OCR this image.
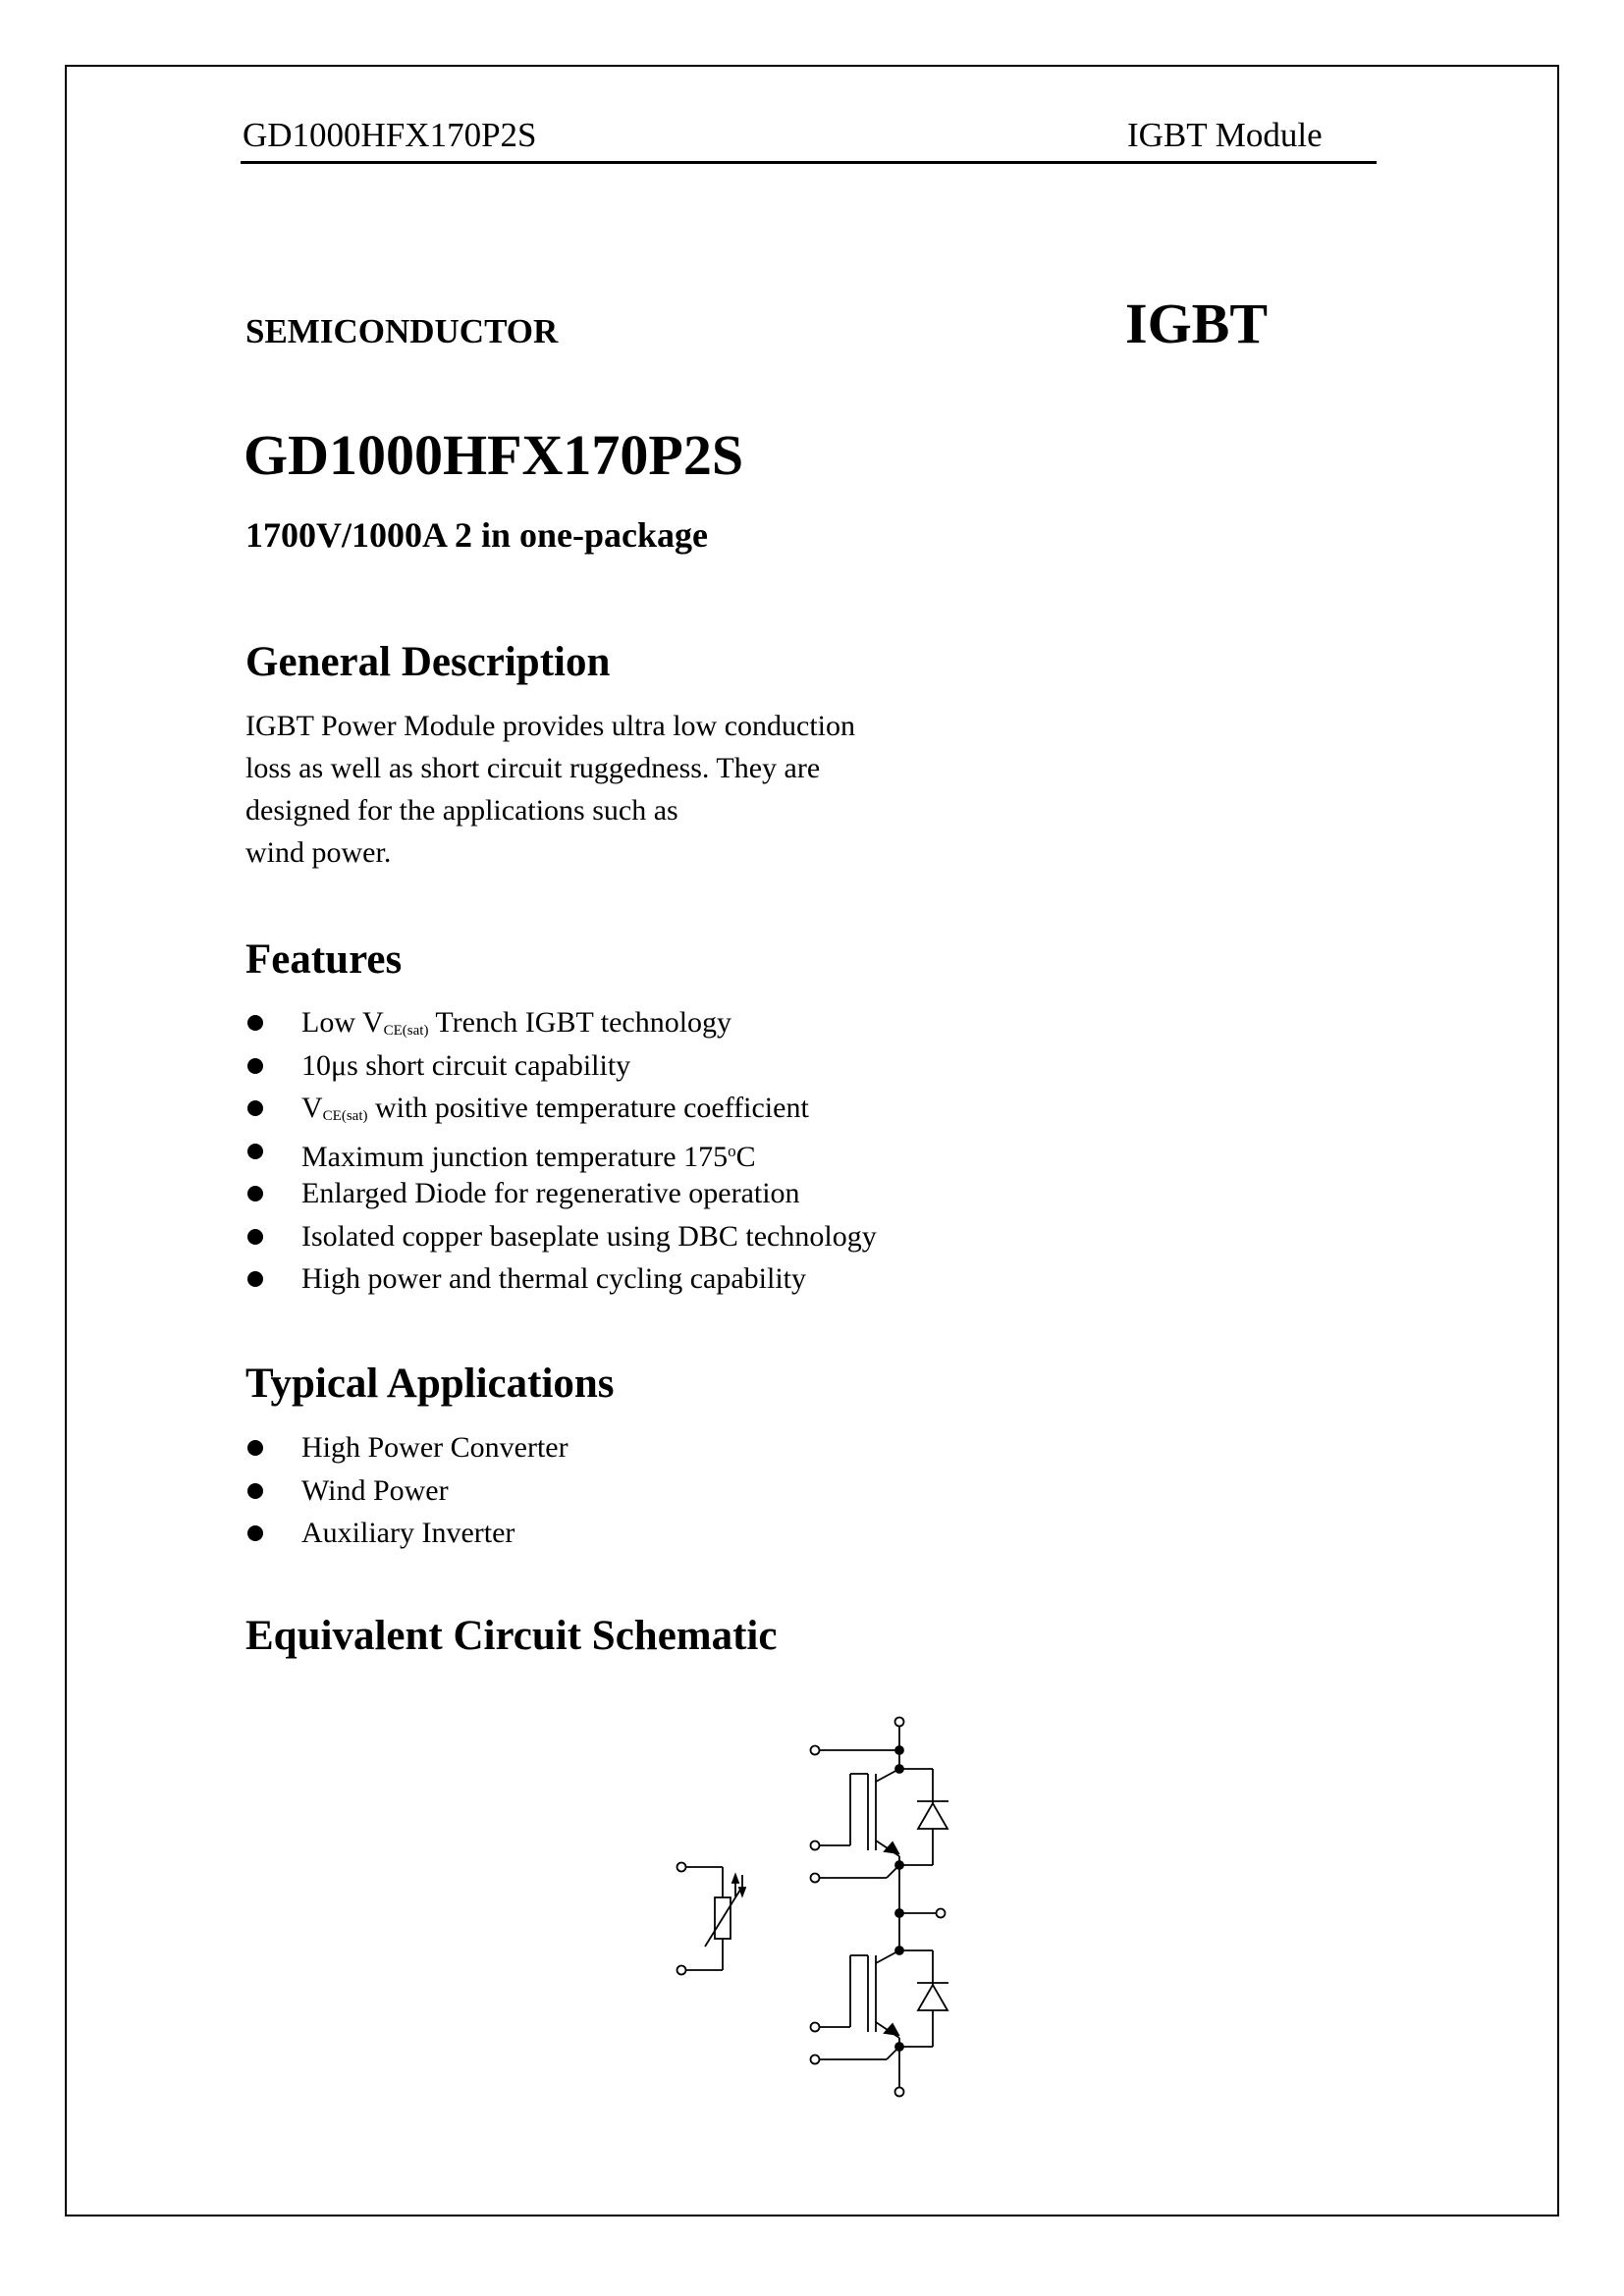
GD1000HFX170P2S	IGBT Module
SEMICONDUCTOR	IGBT
GD1000HFX170P2S
1700V/1000A 2 in one-package
General Description
IGBT Power Module provides ultra low conduction
loss as well as short circuit ruggedness. They are
designed for the applications such as
wind power.
Features
Low $V_{CE(sat)}$ Trench IGBT technology
10μs short circuit capability
$V_{CE(sat)}$ with positive temperature coefficient
Maximum junction temperature 175$^o$C
Enlarged Diode for regenerative operation
Isolated copper baseplate using DBC technology
High power and thermal cycling capability
Typical Applications
High Power Converter
Wind Power
Auxiliary Inverter
Equivalent Circuit Schematic
